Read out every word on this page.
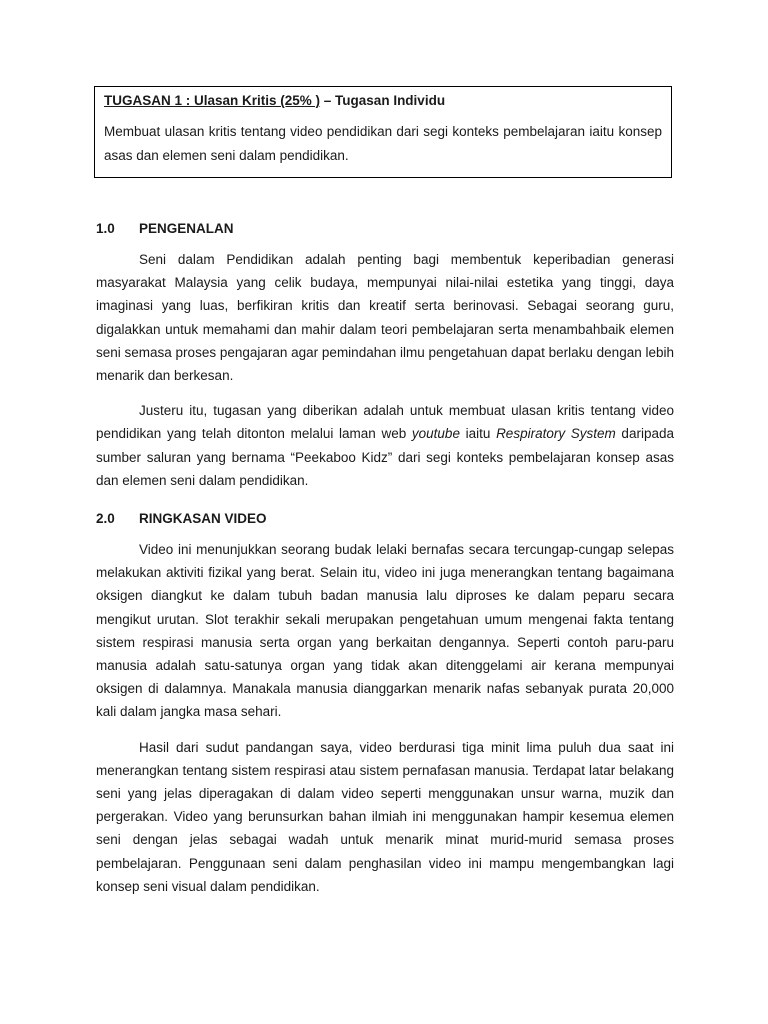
TUGASAN 1 : Ulasan Kritis (25% ) – Tugasan Individu

Membuat ulasan kritis tentang video pendidikan dari segi konteks pembelajaran iaitu konsep asas dan elemen seni dalam pendidikan.

1.0	PENGENALAN

Seni dalam Pendidikan adalah penting bagi membentuk keperibadian generasi masyarakat Malaysia yang celik budaya, mempunyai nilai-nilai estetika yang tinggi, daya imaginasi yang luas, berfikiran kritis dan kreatif serta berinovasi. Sebagai seorang guru, digalakkan untuk memahami dan mahir dalam teori pembelajaran serta menambahbaik elemen seni semasa proses pengajaran agar pemindahan ilmu pengetahuan dapat berlaku dengan lebih menarik dan berkesan.

Justeru itu, tugasan yang diberikan adalah untuk membuat ulasan kritis tentang video pendidikan yang telah ditonton melalui laman web youtube iaitu Respiratory System daripada sumber saluran yang bernama “Peekaboo Kidz” dari segi konteks pembelajaran konsep asas dan elemen seni dalam pendidikan.

2.0	RINGKASAN VIDEO

Video ini menunjukkan seorang budak lelaki bernafas secara tercungap-cungap selepas melakukan aktiviti fizikal yang berat. Selain itu, video ini juga menerangkan tentang bagaimana oksigen diangkut ke dalam tubuh badan manusia lalu diproses ke dalam peparu secara mengikut urutan. Slot terakhir sekali merupakan pengetahuan umum mengenai fakta tentang sistem respirasi manusia serta organ yang berkaitan dengannya. Seperti contoh paru-paru manusia adalah satu-satunya organ yang tidak akan ditenggelami air kerana mempunyai oksigen di dalamnya. Manakala manusia dianggarkan menarik nafas sebanyak purata 20,000 kali dalam jangka masa sehari.

Hasil dari sudut pandangan saya, video berdurasi tiga minit lima puluh dua saat ini menerangkan tentang sistem respirasi atau sistem pernafasan manusia. Terdapat latar belakang seni yang jelas diperagakan di dalam video seperti menggunakan unsur warna, muzik dan pergerakan. Video yang berunsurkan bahan ilmiah ini menggunakan hampir kesemua elemen seni dengan jelas sebagai wadah untuk menarik minat murid-murid semasa proses pembelajaran. Penggunaan seni dalam penghasilan video ini mampu mengembangkan lagi konsep seni visual dalam pendidikan.
